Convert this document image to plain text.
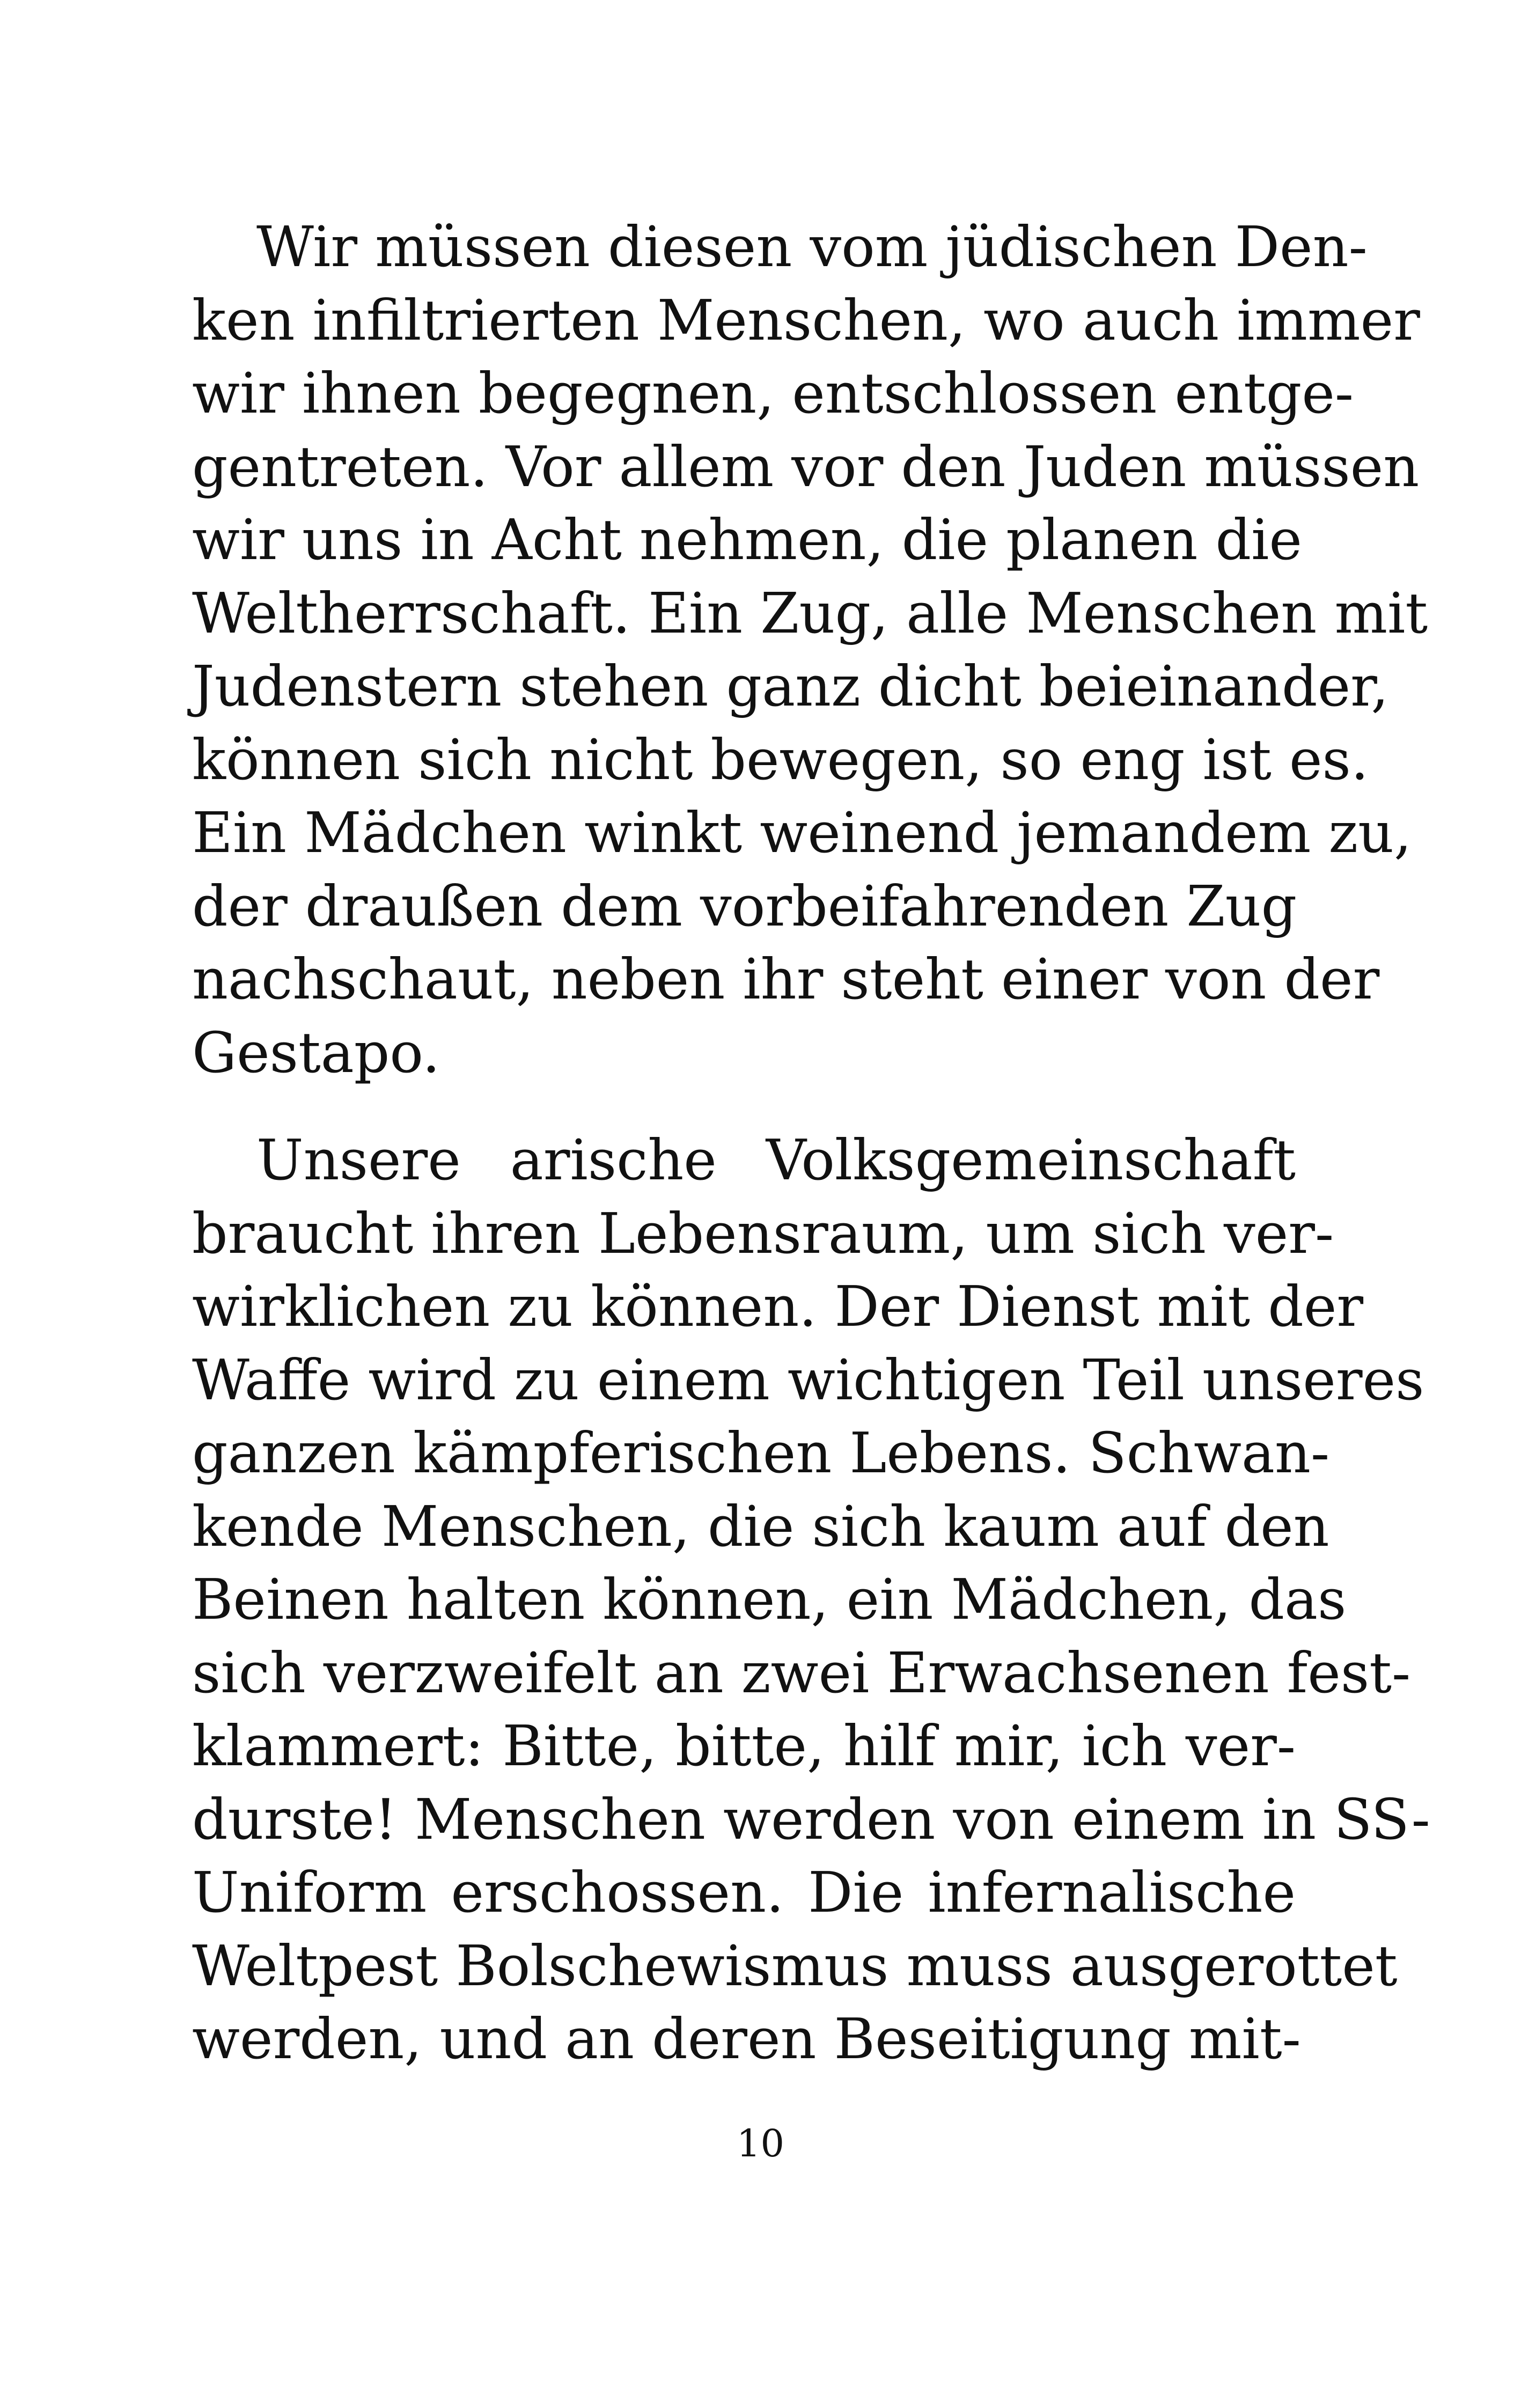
Wir müssen diesen vom jüdischen Den-
ken infiltrierten Menschen, wo auch immer
wir ihnen begegnen, entschlossen entge-
gentreten. Vor allem vor den Juden müssen
wir uns in Acht nehmen, die planen die
Weltherrschaft. Ein Zug, alle Menschen mit
Judenstern stehen ganz dicht beieinander,
können sich nicht bewegen, so eng ist es.
Ein Mädchen winkt weinend jemandem zu,
der draußen dem vorbeifahrenden Zug
nachschaut, neben ihr steht einer von der
Gestapo.

Unsere arische Volksgemeinschaft
braucht ihren Lebensraum, um sich ver-
wirklichen zu können. Der Dienst mit der
Waffe wird zu einem wichtigen Teil unseres
ganzen kämpferischen Lebens. Schwan-
kende Menschen, die sich kaum auf den
Beinen halten können, ein Mädchen, das
sich verzweifelt an zwei Erwachsenen fest-
klammert: Bitte, bitte, hilf mir, ich ver-
durste! Menschen werden von einem in SS-
Uniform erschossen. Die infernalische
Weltpest Bolschewismus muss ausgerottet
werden, und an deren Beseitigung mit-

10
